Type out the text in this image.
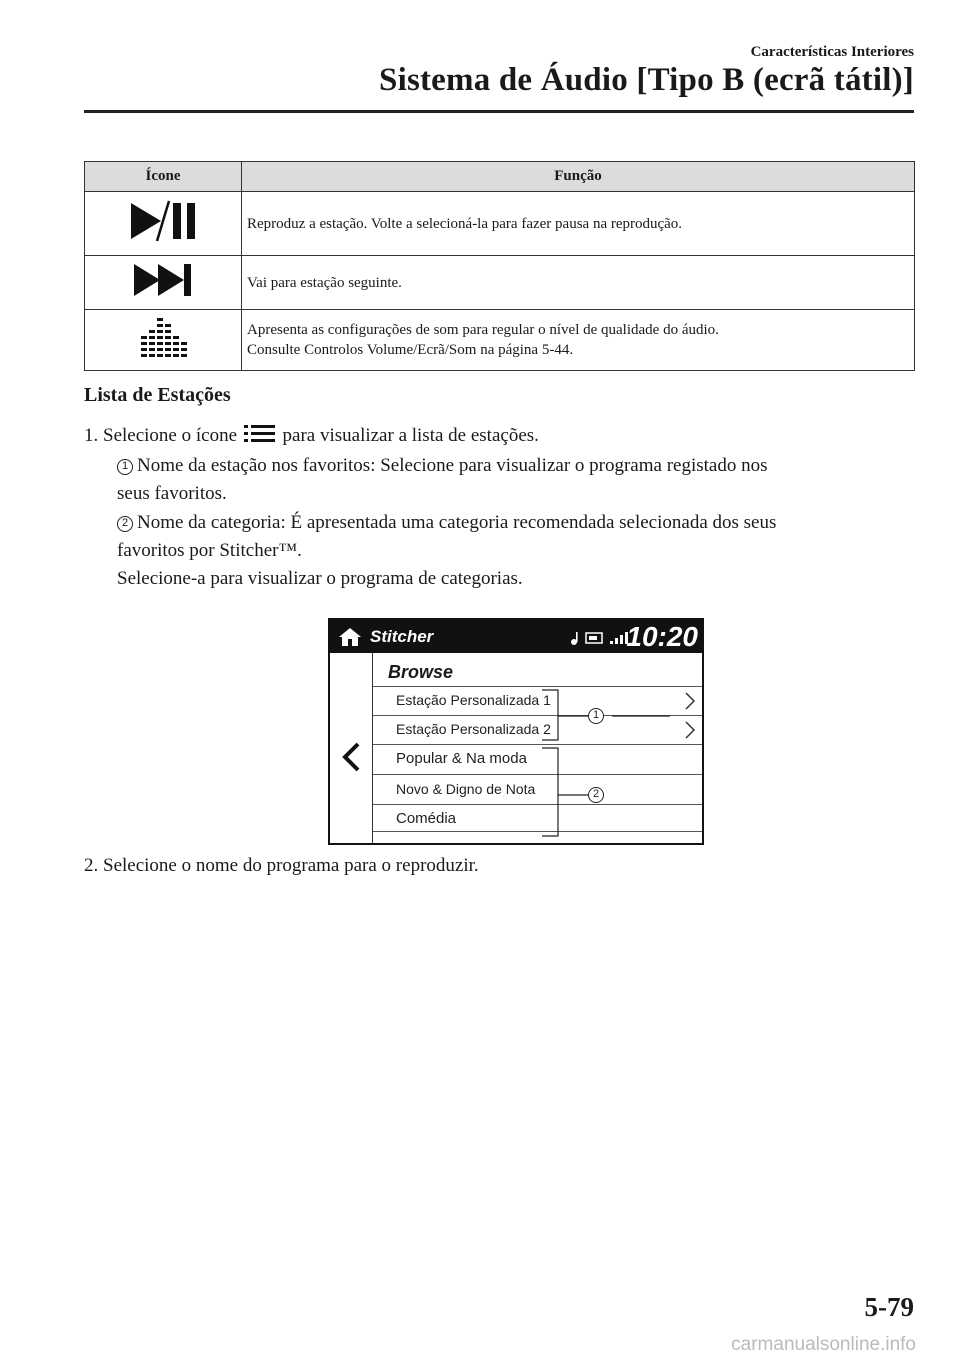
Características Interiores
Sistema de Áudio [Tipo B (ecrã tátil)]
Ícone	Função
	Reproduz a estação. Volte a selecioná-la para fazer pausa na reprodução.
	Vai para estação seguinte.

Apresenta as configurações de som para regular o nível de qualidade do áudio.
Consulte Controlos Volume/Ecrã/Som na página 5-44.
Lista de Estações
1. Selecione o ícone para visualizar a lista de estações.
1 Nome da estação nos favoritos: Selecione para visualizar o programa registado nos
seus favoritos.
2 Nome da categoria: É apresentada uma categoria recomendada selecionada dos seus
favoritos por Stitcher™.
Selecione-a para visualizar o programa de categorias.
Stitcher	10:20
Browse
Estação Personalizada 1
Estação Personalizada 2
Popular & Na moda
Novo & Digno de Nota
Comédia
1
2
2. Selecione o nome do programa para o reproduzir.
5-79
carmanualsonline.info
